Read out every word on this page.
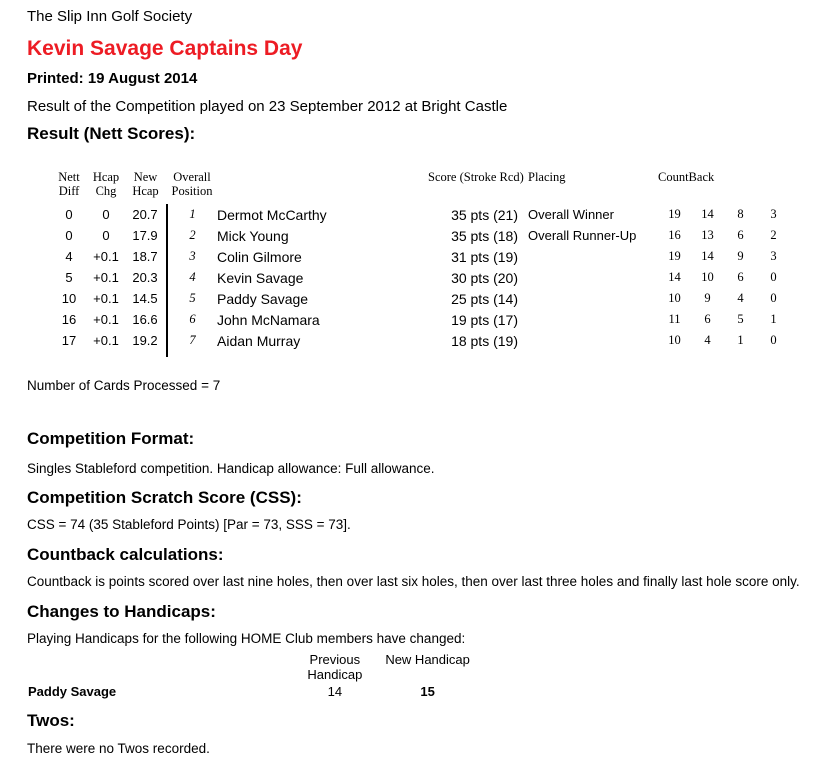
The Slip Inn Golf Society
Kevin Savage Captains Day
Printed: 19 August 2014
Result of the Competition played on 23 September 2012 at Bright Castle
Result (Nett Scores):
Nett Diff	Hcap Chg	New Hcap	Overall Position		Score (Stroke Rcd)		Placing	CountBack			
0	0	20.7	1	Dermot McCarthy	35 pts (21)		Overall Winner	19	14	8	3
0	0	17.9	2	Mick Young	35 pts (18)		Overall Runner-Up	16	13	6	2
4	+0.1	18.7	3	Colin Gilmore	31 pts (19)			19	14	9	3
5	+0.1	20.3	4	Kevin Savage	30 pts (20)			14	10	6	0
10	+0.1	14.5	5	Paddy Savage	25 pts (14)			10	9	4	0
16	+0.1	16.6	6	John McNamara	19 pts (17)			11	6	5	1
17	+0.1	19.2	7	Aidan Murray	18 pts (19)			10	4	1	0

Number of Cards Processed = 7
Competition Format:
Singles Stableford competition. Handicap allowance: Full allowance.
Competition Scratch Score (CSS):
CSS = 74 (35 Stableford Points) [Par = 73, SSS = 73].
Countback calculations:
Countback is points scored over last nine holes, then over last six holes, then over last three holes and finally last hole score only.
Changes to Handicaps:
Playing Handicaps for the following HOME Club members have changed:
	Previous Handicap	New Handicap
Paddy Savage	14	15
Twos:
There were no Twos recorded.
